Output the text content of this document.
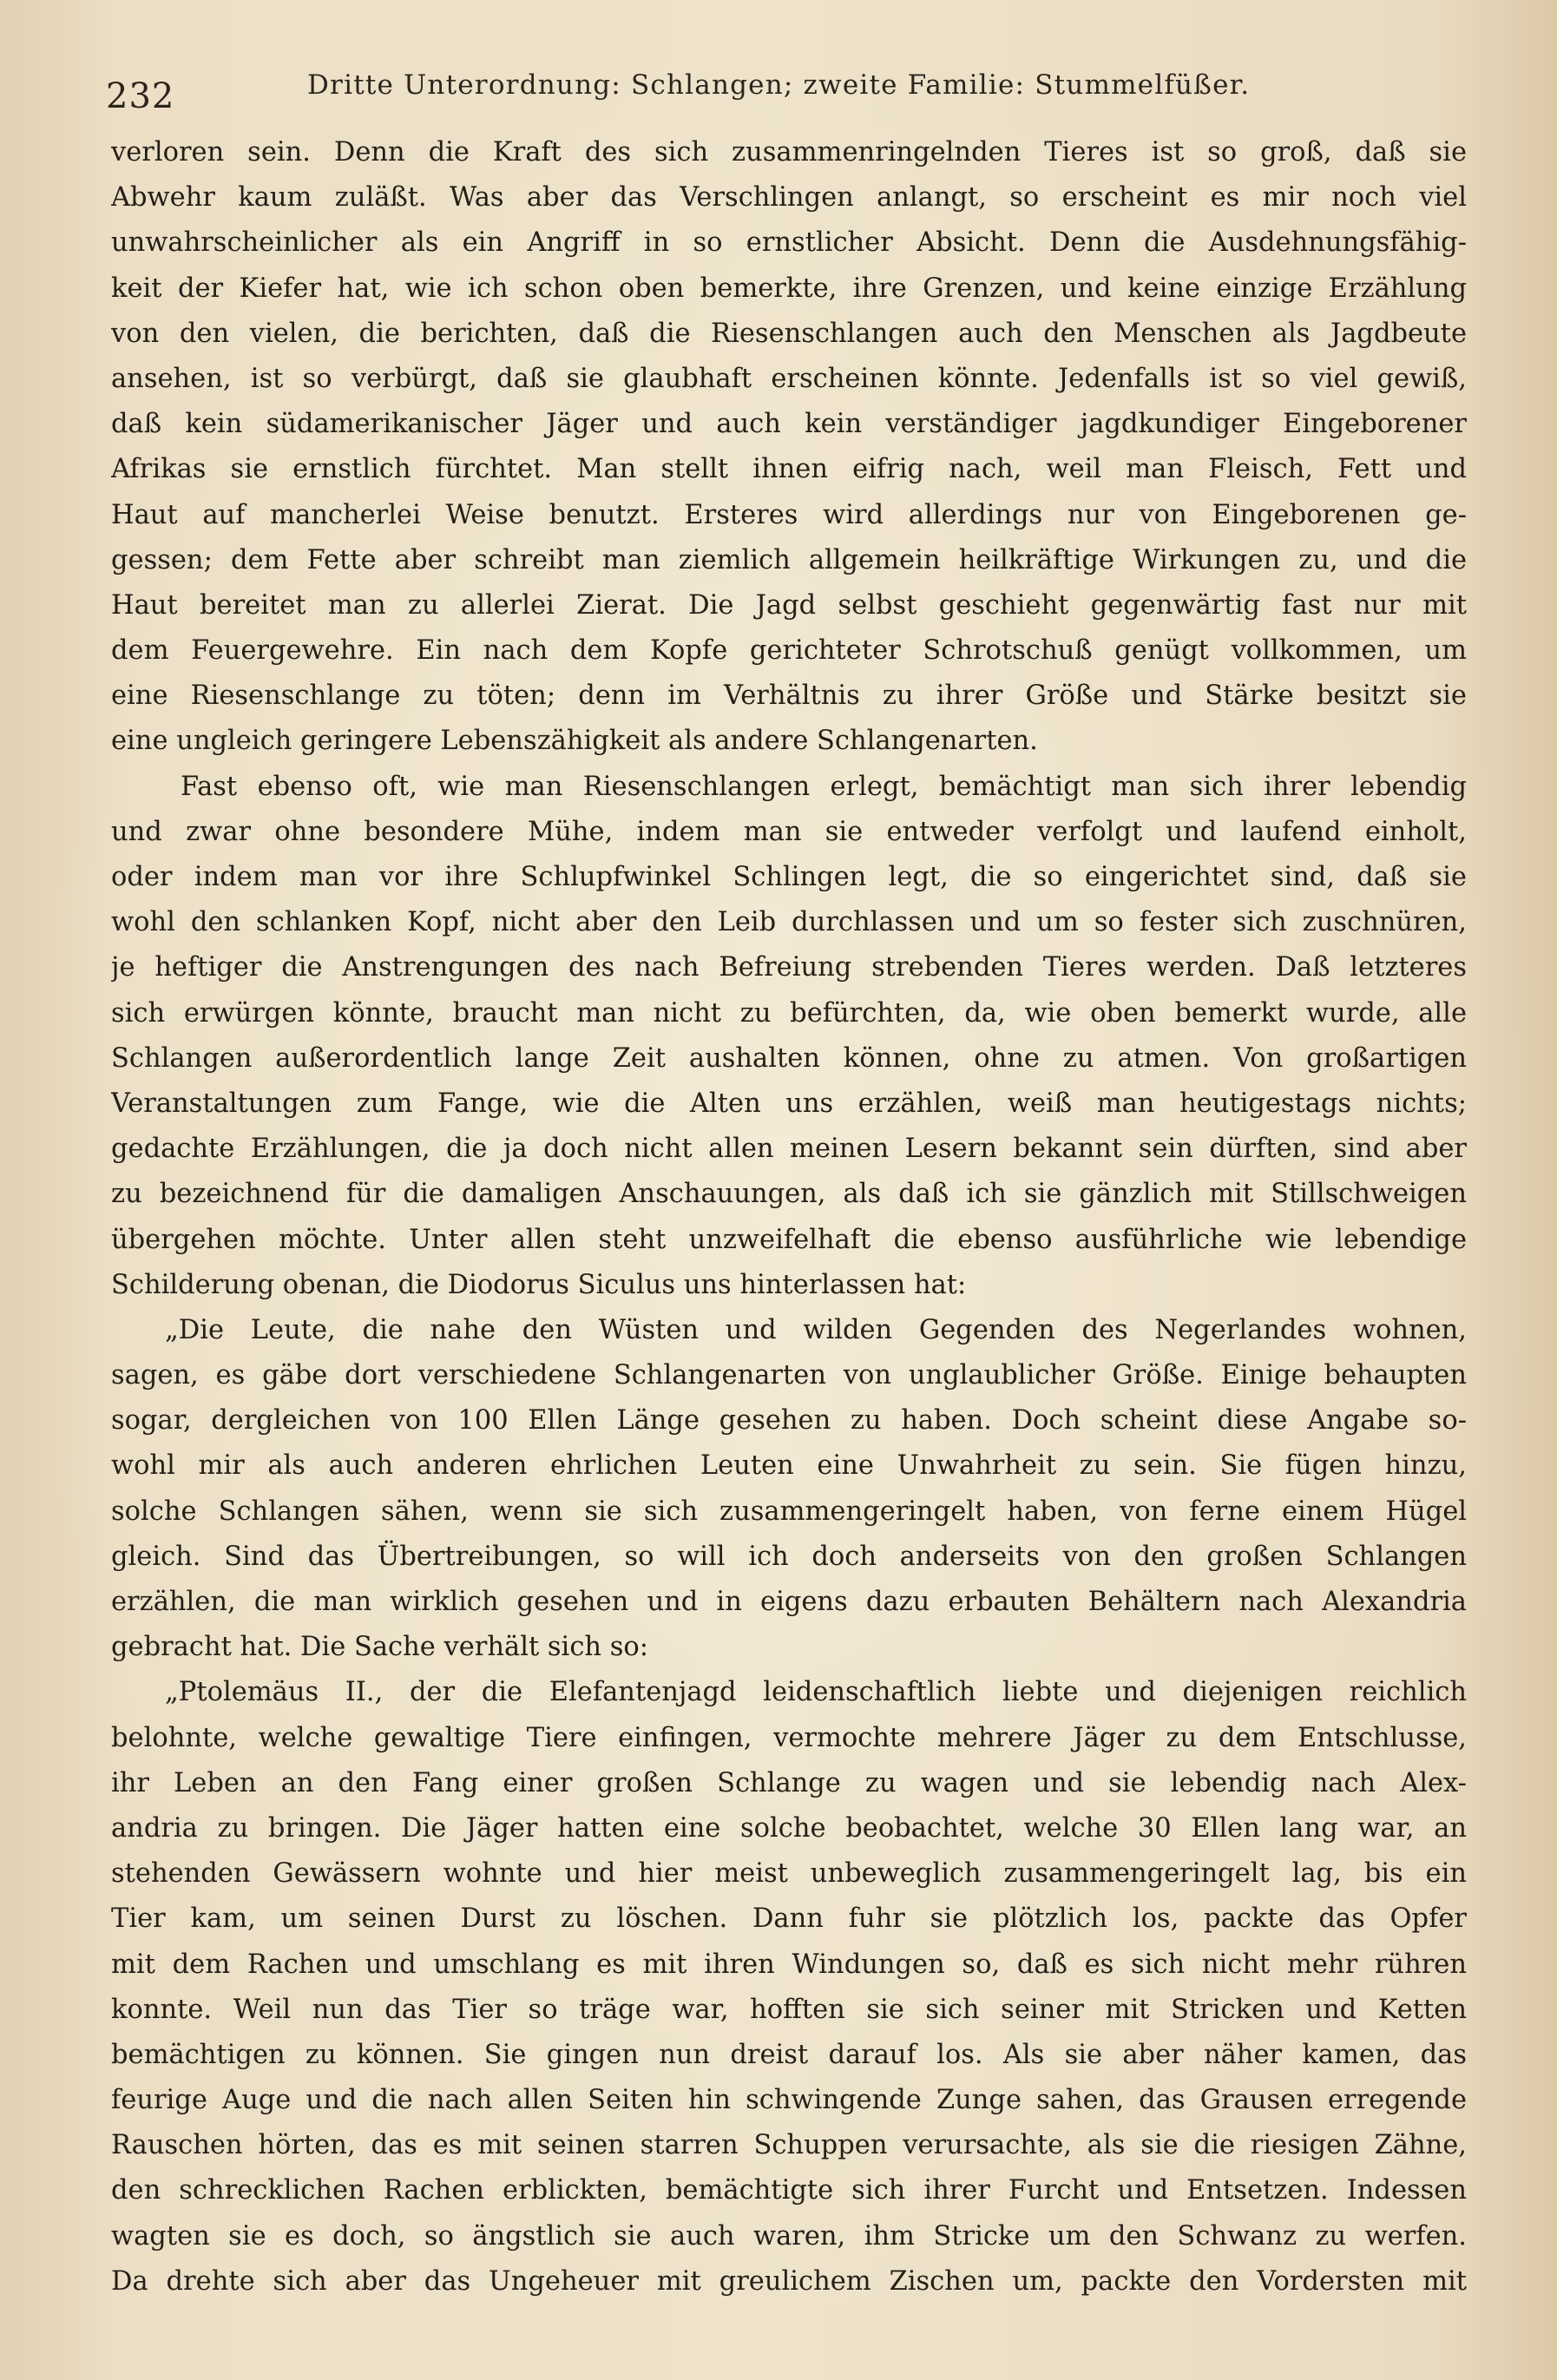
232	Dritte Unterordnung: Schlangen; zweite Familie: Stummelfüßer.
verloren sein. Denn die Kraft des sich zusammenringelnden Tieres ist so groß, daß sie
Abwehr kaum zuläßt. Was aber das Verschlingen anlangt, so erscheint es mir noch viel
unwahrscheinlicher als ein Angriff in so ernstlicher Absicht. Denn die Ausdehnungsfähig-
keit der Kiefer hat, wie ich schon oben bemerkte, ihre Grenzen, und keine einzige Erzählung
von den vielen, die berichten, daß die Riesenschlangen auch den Menschen als Jagdbeute
ansehen, ist so verbürgt, daß sie glaubhaft erscheinen könnte. Jedenfalls ist so viel gewiß,
daß kein südamerikanischer Jäger und auch kein verständiger jagdkundiger Eingeborener
Afrikas sie ernstlich fürchtet. Man stellt ihnen eifrig nach, weil man Fleisch, Fett und
Haut auf mancherlei Weise benutzt. Ersteres wird allerdings nur von Eingeborenen ge-
gessen; dem Fette aber schreibt man ziemlich allgemein heilkräftige Wirkungen zu, und die
Haut bereitet man zu allerlei Zierat. Die Jagd selbst geschieht gegenwärtig fast nur mit
dem Feuergewehre. Ein nach dem Kopfe gerichteter Schrotschuß genügt vollkommen, um
eine Riesenschlange zu töten; denn im Verhältnis zu ihrer Größe und Stärke besitzt sie
eine ungleich geringere Lebenszähigkeit als andere Schlangenarten.
Fast ebenso oft, wie man Riesenschlangen erlegt, bemächtigt man sich ihrer lebendig
und zwar ohne besondere Mühe, indem man sie entweder verfolgt und laufend einholt,
oder indem man vor ihre Schlupfwinkel Schlingen legt, die so eingerichtet sind, daß sie
wohl den schlanken Kopf, nicht aber den Leib durchlassen und um so fester sich zuschnüren,
je heftiger die Anstrengungen des nach Befreiung strebenden Tieres werden. Daß letzteres
sich erwürgen könnte, braucht man nicht zu befürchten, da, wie oben bemerkt wurde, alle
Schlangen außerordentlich lange Zeit aushalten können, ohne zu atmen. Von großartigen
Veranstaltungen zum Fange, wie die Alten uns erzählen, weiß man heutigestags nichts;
gedachte Erzählungen, die ja doch nicht allen meinen Lesern bekannt sein dürften, sind aber
zu bezeichnend für die damaligen Anschauungen, als daß ich sie gänzlich mit Stillschweigen
übergehen möchte. Unter allen steht unzweifelhaft die ebenso ausführliche wie lebendige
Schilderung obenan, die Diodorus Siculus uns hinterlassen hat:
„Die Leute, die nahe den Wüsten und wilden Gegenden des Negerlandes wohnen,
sagen, es gäbe dort verschiedene Schlangenarten von unglaublicher Größe. Einige behaupten
sogar, dergleichen von 100 Ellen Länge gesehen zu haben. Doch scheint diese Angabe so-
wohl mir als auch anderen ehrlichen Leuten eine Unwahrheit zu sein. Sie fügen hinzu,
solche Schlangen sähen, wenn sie sich zusammengeringelt haben, von ferne einem Hügel
gleich. Sind das Übertreibungen, so will ich doch anderseits von den großen Schlangen
erzählen, die man wirklich gesehen und in eigens dazu erbauten Behältern nach Alexandria
gebracht hat. Die Sache verhält sich so:
„Ptolemäus II., der die Elefantenjagd leidenschaftlich liebte und diejenigen reichlich
belohnte, welche gewaltige Tiere einfingen, vermochte mehrere Jäger zu dem Entschlusse,
ihr Leben an den Fang einer großen Schlange zu wagen und sie lebendig nach Alex-
andria zu bringen. Die Jäger hatten eine solche beobachtet, welche 30 Ellen lang war, an
stehenden Gewässern wohnte und hier meist unbeweglich zusammengeringelt lag, bis ein
Tier kam, um seinen Durst zu löschen. Dann fuhr sie plötzlich los, packte das Opfer
mit dem Rachen und umschlang es mit ihren Windungen so, daß es sich nicht mehr rühren
konnte. Weil nun das Tier so träge war, hofften sie sich seiner mit Stricken und Ketten
bemächtigen zu können. Sie gingen nun dreist darauf los. Als sie aber näher kamen, das
feurige Auge und die nach allen Seiten hin schwingende Zunge sahen, das Grausen erregende
Rauschen hörten, das es mit seinen starren Schuppen verursachte, als sie die riesigen Zähne,
den schrecklichen Rachen erblickten, bemächtigte sich ihrer Furcht und Entsetzen. Indessen
wagten sie es doch, so ängstlich sie auch waren, ihm Stricke um den Schwanz zu werfen.
Da drehte sich aber das Ungeheuer mit greulichem Zischen um, packte den Vordersten mit
